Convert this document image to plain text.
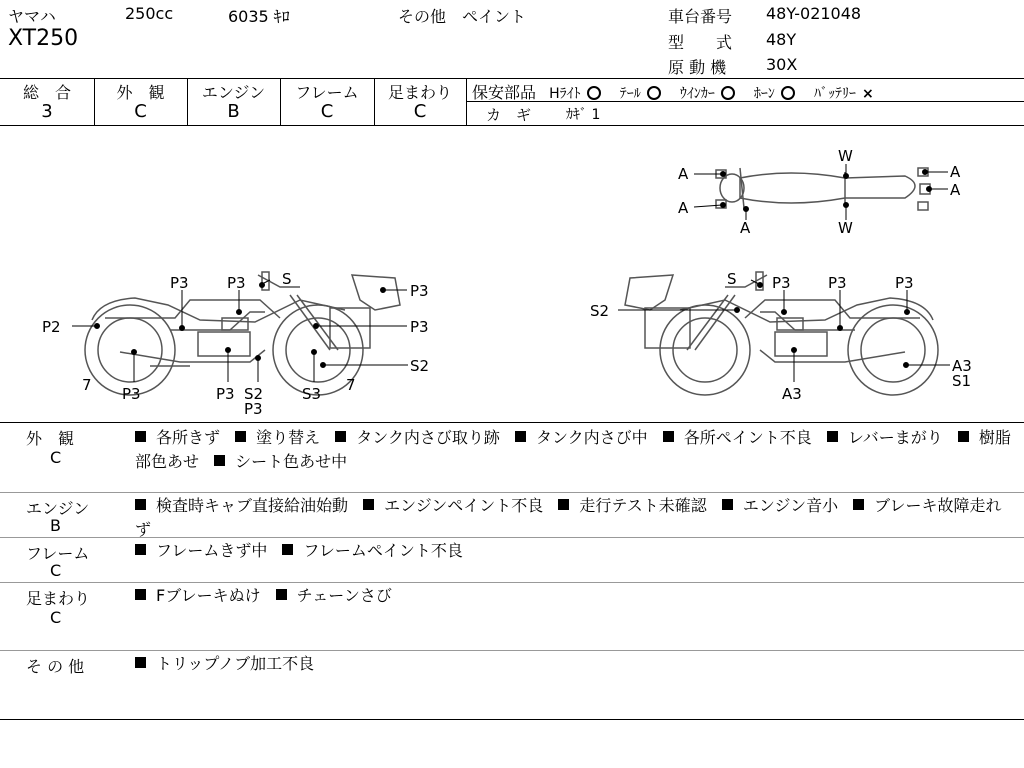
ヤマハ	250cc	6035 ｷﾛ	その他　ペイント
XT250
車台番号 48Y-021048
型　　式 48Y
原 動 機 30X
総　合
3
外　観
C
エンジン
B
フレーム
C
足まわり
C
保安部品 Hﾗｲﾄ	ﾃｰﾙ	ｳｲﾝｶｰ	ﾎｰﾝ	ﾊﾞｯﾃﾘｰ ×
カ　ギ ｶｷﾞ 1
P3	P3 S
P3
P3
P2
P3
7	P3
P3
S2	S3 7
S2
S P3 P3	P3
S2
A3
A3
S1
W
A
A
A
A
A
W
外　観
C
各所きず 塗り替え タンク内さび取り跡 タンク内さび中 各所ペイント不良 レバーまがり 樹脂部色あせ シート色あせ中
エンジン
B
検査時キャブ直接給油始動 エンジンペイント不良 走行テスト未確認 エンジン音小 ブレーキ故障走れず
フレーム
C
フレームきず中 フレームペイント不良
足まわり
C
Fブレーキぬけ チェーンさび
そ の 他	トリップノブ加工不良
